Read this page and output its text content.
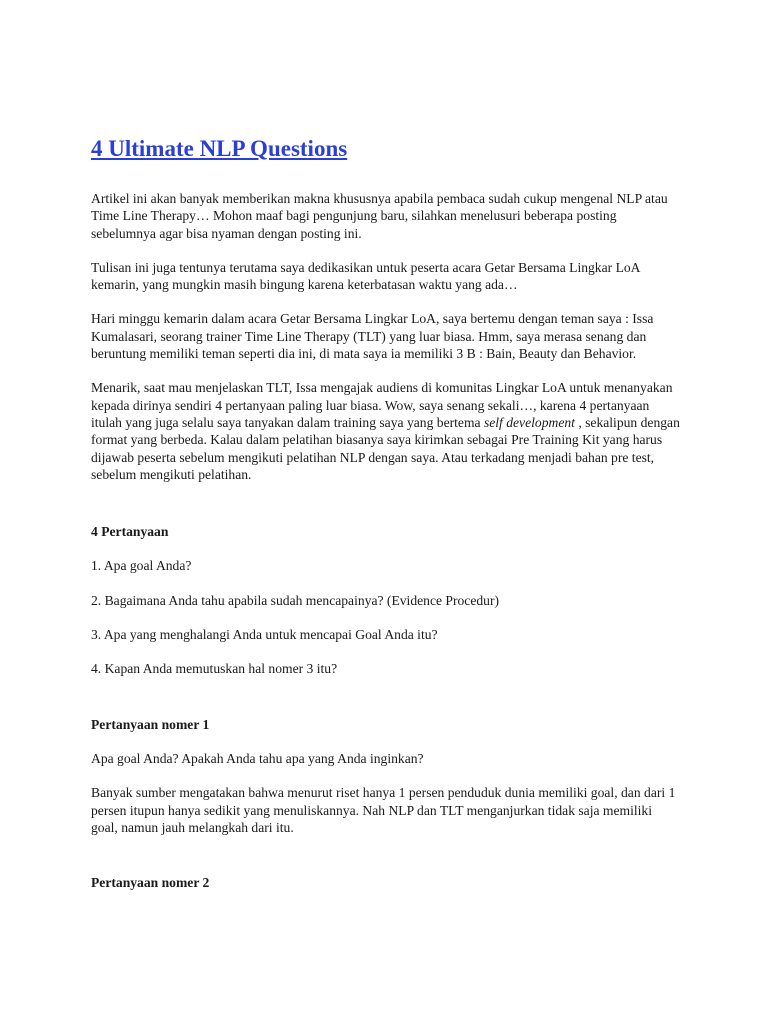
4 Ultimate NLP Questions

Artikel ini akan banyak memberikan makna khususnya apabila pembaca sudah cukup mengenal NLP atau Time Line Therapy… Mohon maaf bagi pengunjung baru, silahkan menelusuri beberapa posting sebelumnya agar bisa nyaman dengan posting ini.

Tulisan ini juga tentunya terutama saya dedikasikan untuk peserta acara Getar Bersama Lingkar LoA kemarin, yang mungkin masih bingung karena keterbatasan waktu yang ada…

Hari minggu kemarin dalam acara Getar Bersama Lingkar LoA, saya bertemu dengan teman saya : Issa Kumalasari, seorang trainer Time Line Therapy (TLT) yang luar biasa. Hmm, saya merasa senang dan beruntung memiliki teman seperti dia ini, di mata saya ia memiliki 3 B : Bain, Beauty dan Behavior.

Menarik, saat mau menjelaskan TLT, Issa mengajak audiens di komunitas Lingkar LoA untuk menanyakan kepada dirinya sendiri 4 pertanyaan paling luar biasa. Wow, saya senang sekali…, karena 4 pertanyaan itulah yang juga selalu saya tanyakan dalam training saya yang bertema self development , sekalipun dengan format yang berbeda. Kalau dalam pelatihan biasanya saya kirimkan sebagai Pre Training Kit yang harus dijawab peserta sebelum mengikuti pelatihan NLP dengan saya. Atau terkadang menjadi bahan pre test, sebelum mengikuti pelatihan.

4 Pertanyaan

1. Apa goal Anda?

2. Bagaimana Anda tahu apabila sudah mencapainya? (Evidence Procedur)

3. Apa yang menghalangi Anda untuk mencapai Goal Anda itu?

4. Kapan Anda memutuskan hal nomer 3 itu?

Pertanyaan nomer 1

Apa goal Anda? Apakah Anda tahu apa yang Anda inginkan?

Banyak sumber mengatakan bahwa menurut riset hanya 1 persen penduduk dunia memiliki goal, dan dari 1 persen itupun hanya sedikit yang menuliskannya. Nah NLP dan TLT menganjurkan tidak saja memiliki goal, namun jauh melangkah dari itu.

Pertanyaan nomer 2
